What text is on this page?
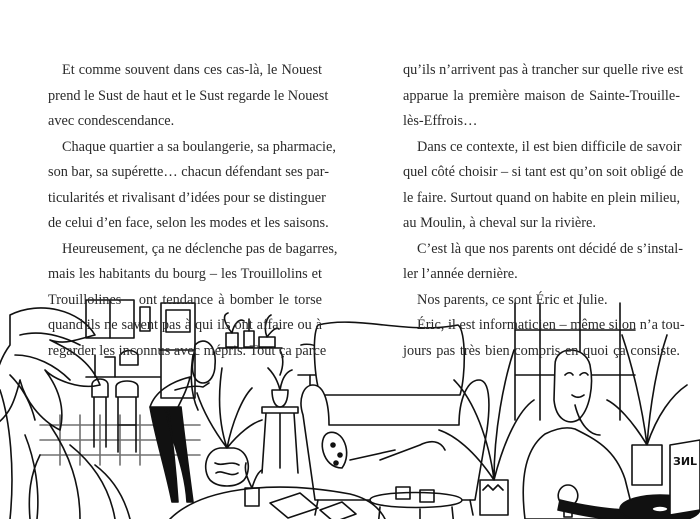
Et comme souvent dans ces cas-là, le Nouest
prend le Sust de haut et le Sust regarde le Nouest
avec condescendance.
Chaque quartier a sa boulangerie, sa pharmacie,
son bar, sa supérette… chacun défendant ses par-
ticularités et rivalisant d’idées pour se distinguer
de celui d’en face, selon les modes et les saisons.
Heureusement, ça ne déclenche pas de bagarres,
mais les habitants du bourg – les Trouillolins et
Trouillolines – ont tendance à bomber le torse
quand ils ne savent pas à qui ils ont affaire ou à
regarder les inconnus avec mépris. Tout ça parce
qu’ils n’arrivent pas à trancher sur quelle rive est
apparue la première maison de Sainte-Trouille-
lès-Effrois…
Dans ce contexte, il est bien difficile de savoir
quel côté choisir – si tant est qu’on soit obligé de
le faire. Surtout quand on habite en plein milieu,
au Moulin, à cheval sur la rivière.
C’est là que nos parents ont décidé de s’instal-
ler l’année dernière.
Nos parents, ce sont Éric et Julie.
Éric, il est informaticien – même si on n’a tou-
jours pas très bien compris en quoi ça consiste.
ЗИL
